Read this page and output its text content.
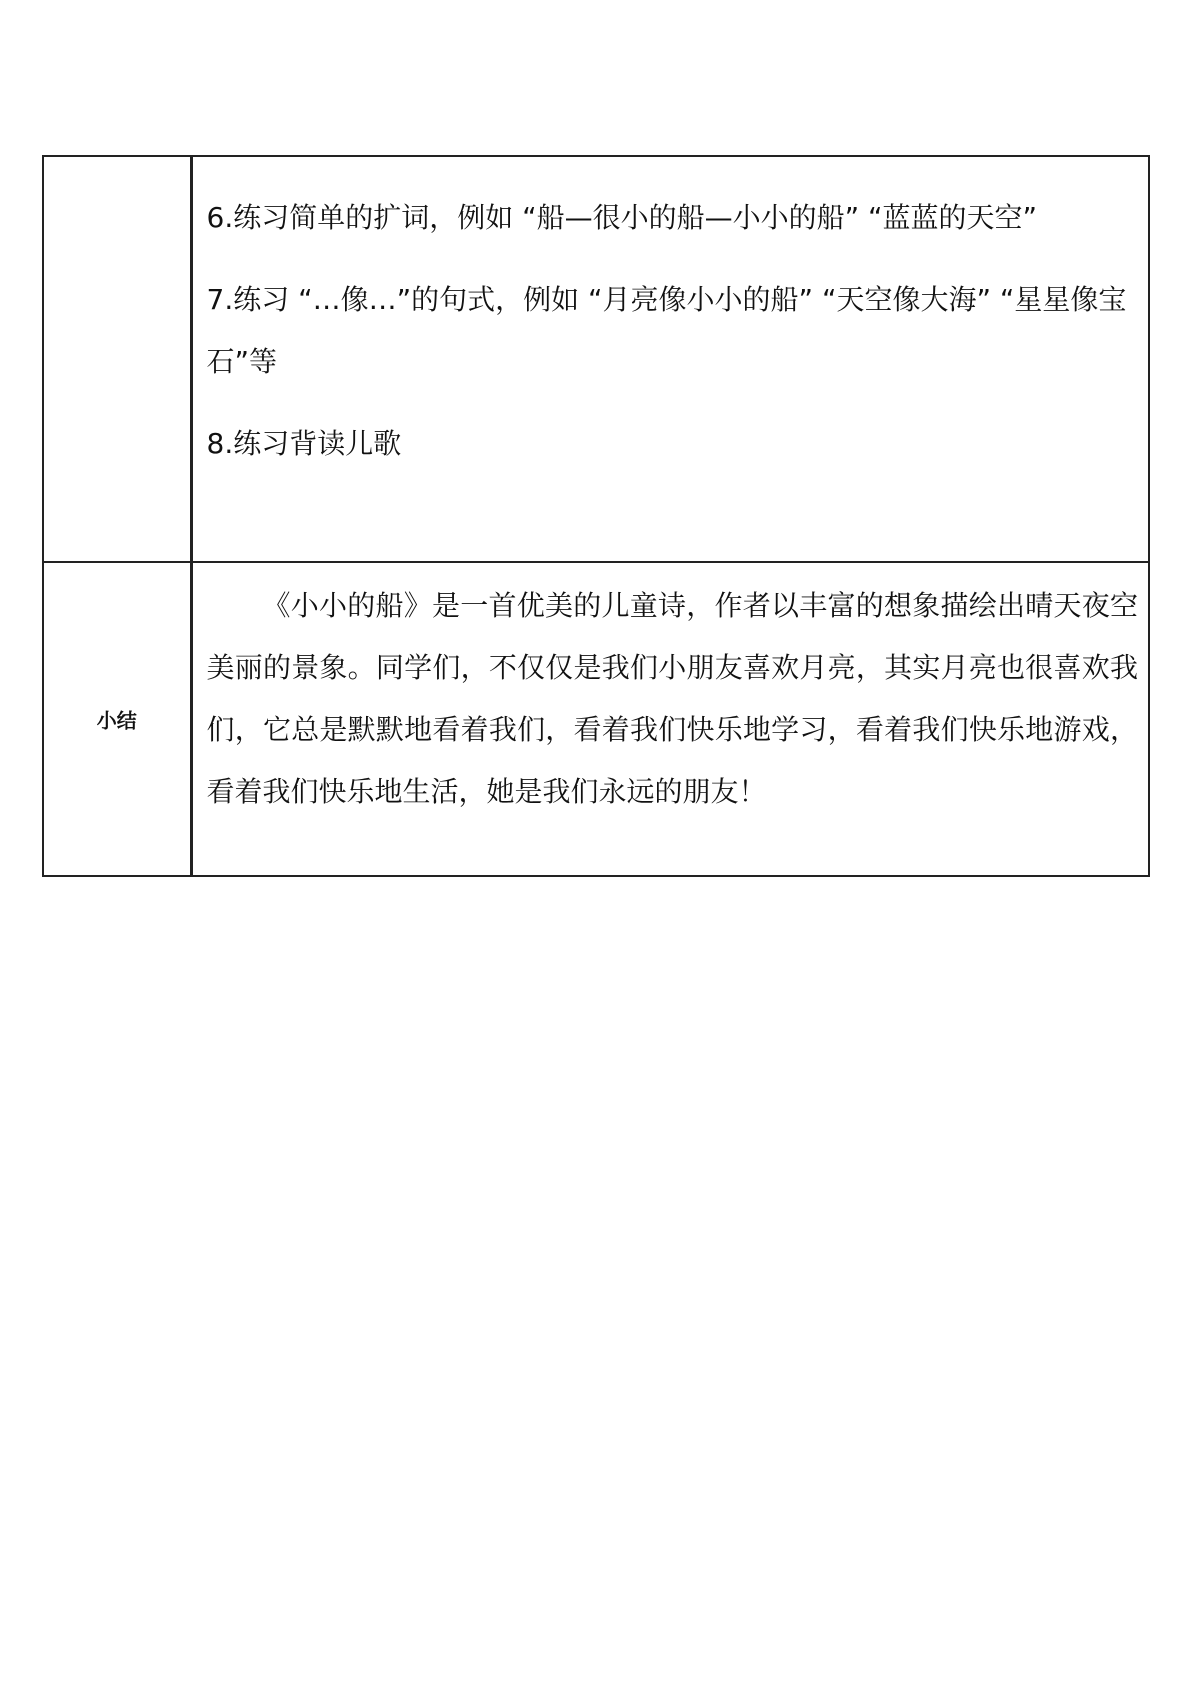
	6.练习简单的扩词，例如 “船—很小的船—小小的船” “蓝蓝的天空”

7.练习 “…像…”的句式，例如 “月亮像小小的船” “天空像大海” “星星像宝石”等

8.练习背读儿歌

小结	《小小的船》是一首优美的儿童诗，作者以丰富的想象描绘出晴天夜空美丽的景象。同学们，不仅仅是我们小朋友喜欢月亮，其实月亮也很喜欢我们，它总是默默地看着我们，看着我们快乐地学习，看着我们快乐地游戏，看着我们快乐地生活，她是我们永远的朋友！
